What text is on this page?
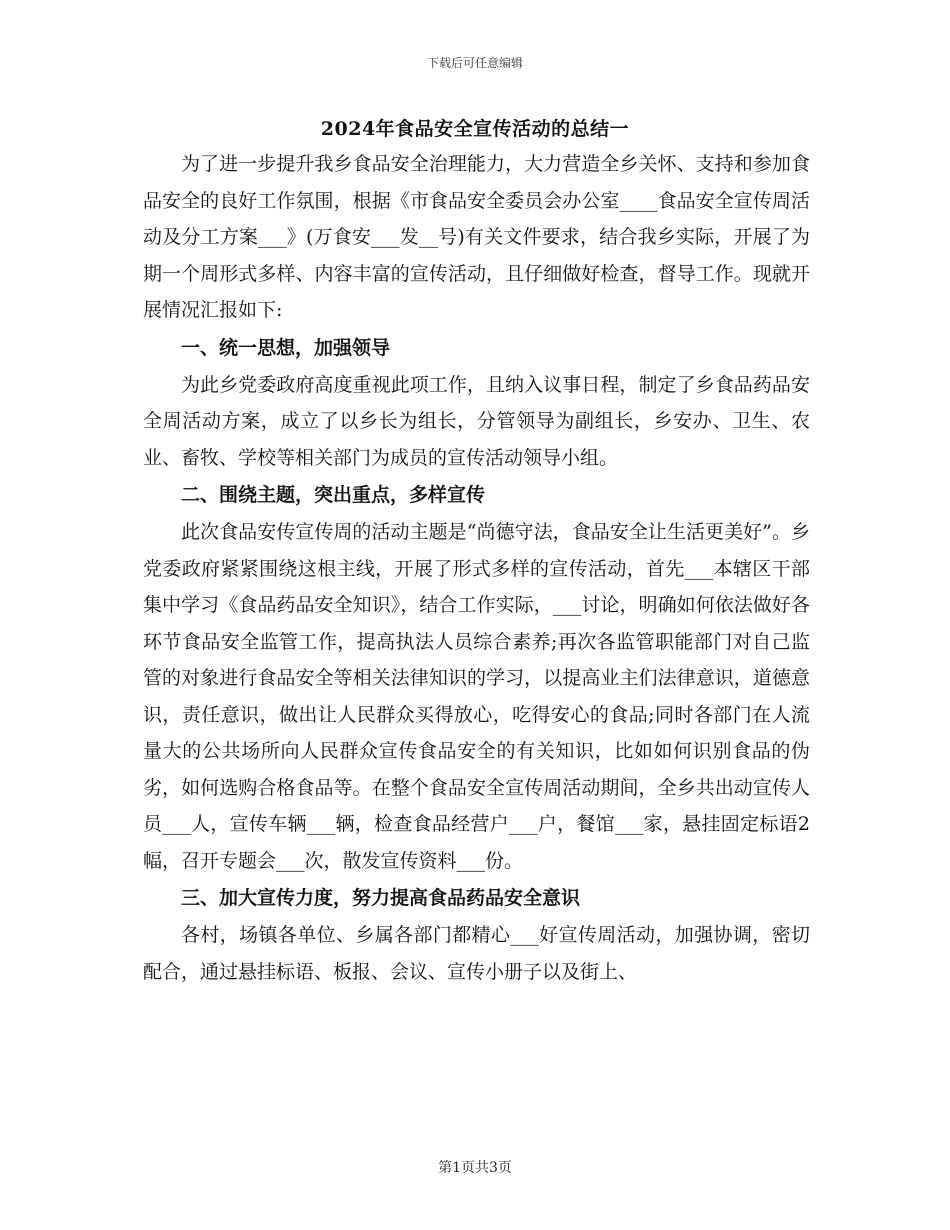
下载后可任意编辑
2024年食品安全宣传活动的总结一

为了进一步提升我乡食品安全治理能力，大力营造全乡关怀、支持和参加食品安全的良好工作氛围，根据《市食品安全委员会办公室____食品安全宣传周活动及分工方案___》(万食安___发__号)有关文件要求，结合我乡实际，开展了为期一个周形式多样、内容丰富的宣传活动，且仔细做好检查，督导工作。现就开展情况汇报如下:

一、统一思想，加强领导

为此乡党委政府高度重视此项工作，且纳入议事日程，制定了乡食品药品安全周活动方案，成立了以乡长为组长，分管领导为副组长，乡安办、卫生、农业、畜牧、学校等相关部门为成员的宣传活动领导小组。

二、围绕主题，突出重点，多样宣传

此次食品安传宣传周的活动主题是“尚德守法，食品安全让生活更美好”。乡党委政府紧紧围绕这根主线，开展了形式多样的宣传活动，首先___本辖区干部集中学习《食品药品安全知识》，结合工作实际，___讨论，明确如何依法做好各环节食品安全监管工作，提高执法人员综合素养;再次各监管职能部门对自己监管的对象进行食品安全等相关法律知识的学习，以提高业主们法律意识，道德意识，责任意识，做出让人民群众买得放心，吃得安心的食品;同时各部门在人流量大的公共场所向人民群众宣传食品安全的有关知识，比如如何识别食品的伪劣，如何选购合格食品等。在整个食品安全宣传周活动期间，全乡共出动宣传人员___人，宣传车辆___辆，检查食品经营户___户，餐馆___家，悬挂固定标语2幅，召开专题会___次，散发宣传资料___份。

三、加大宣传力度，努力提高食品药品安全意识

各村，场镇各单位、乡属各部门都精心___好宣传周活动，加强协调，密切配合，通过悬挂标语、板报、会议、宣传小册子以及街上、

第1页共3页
